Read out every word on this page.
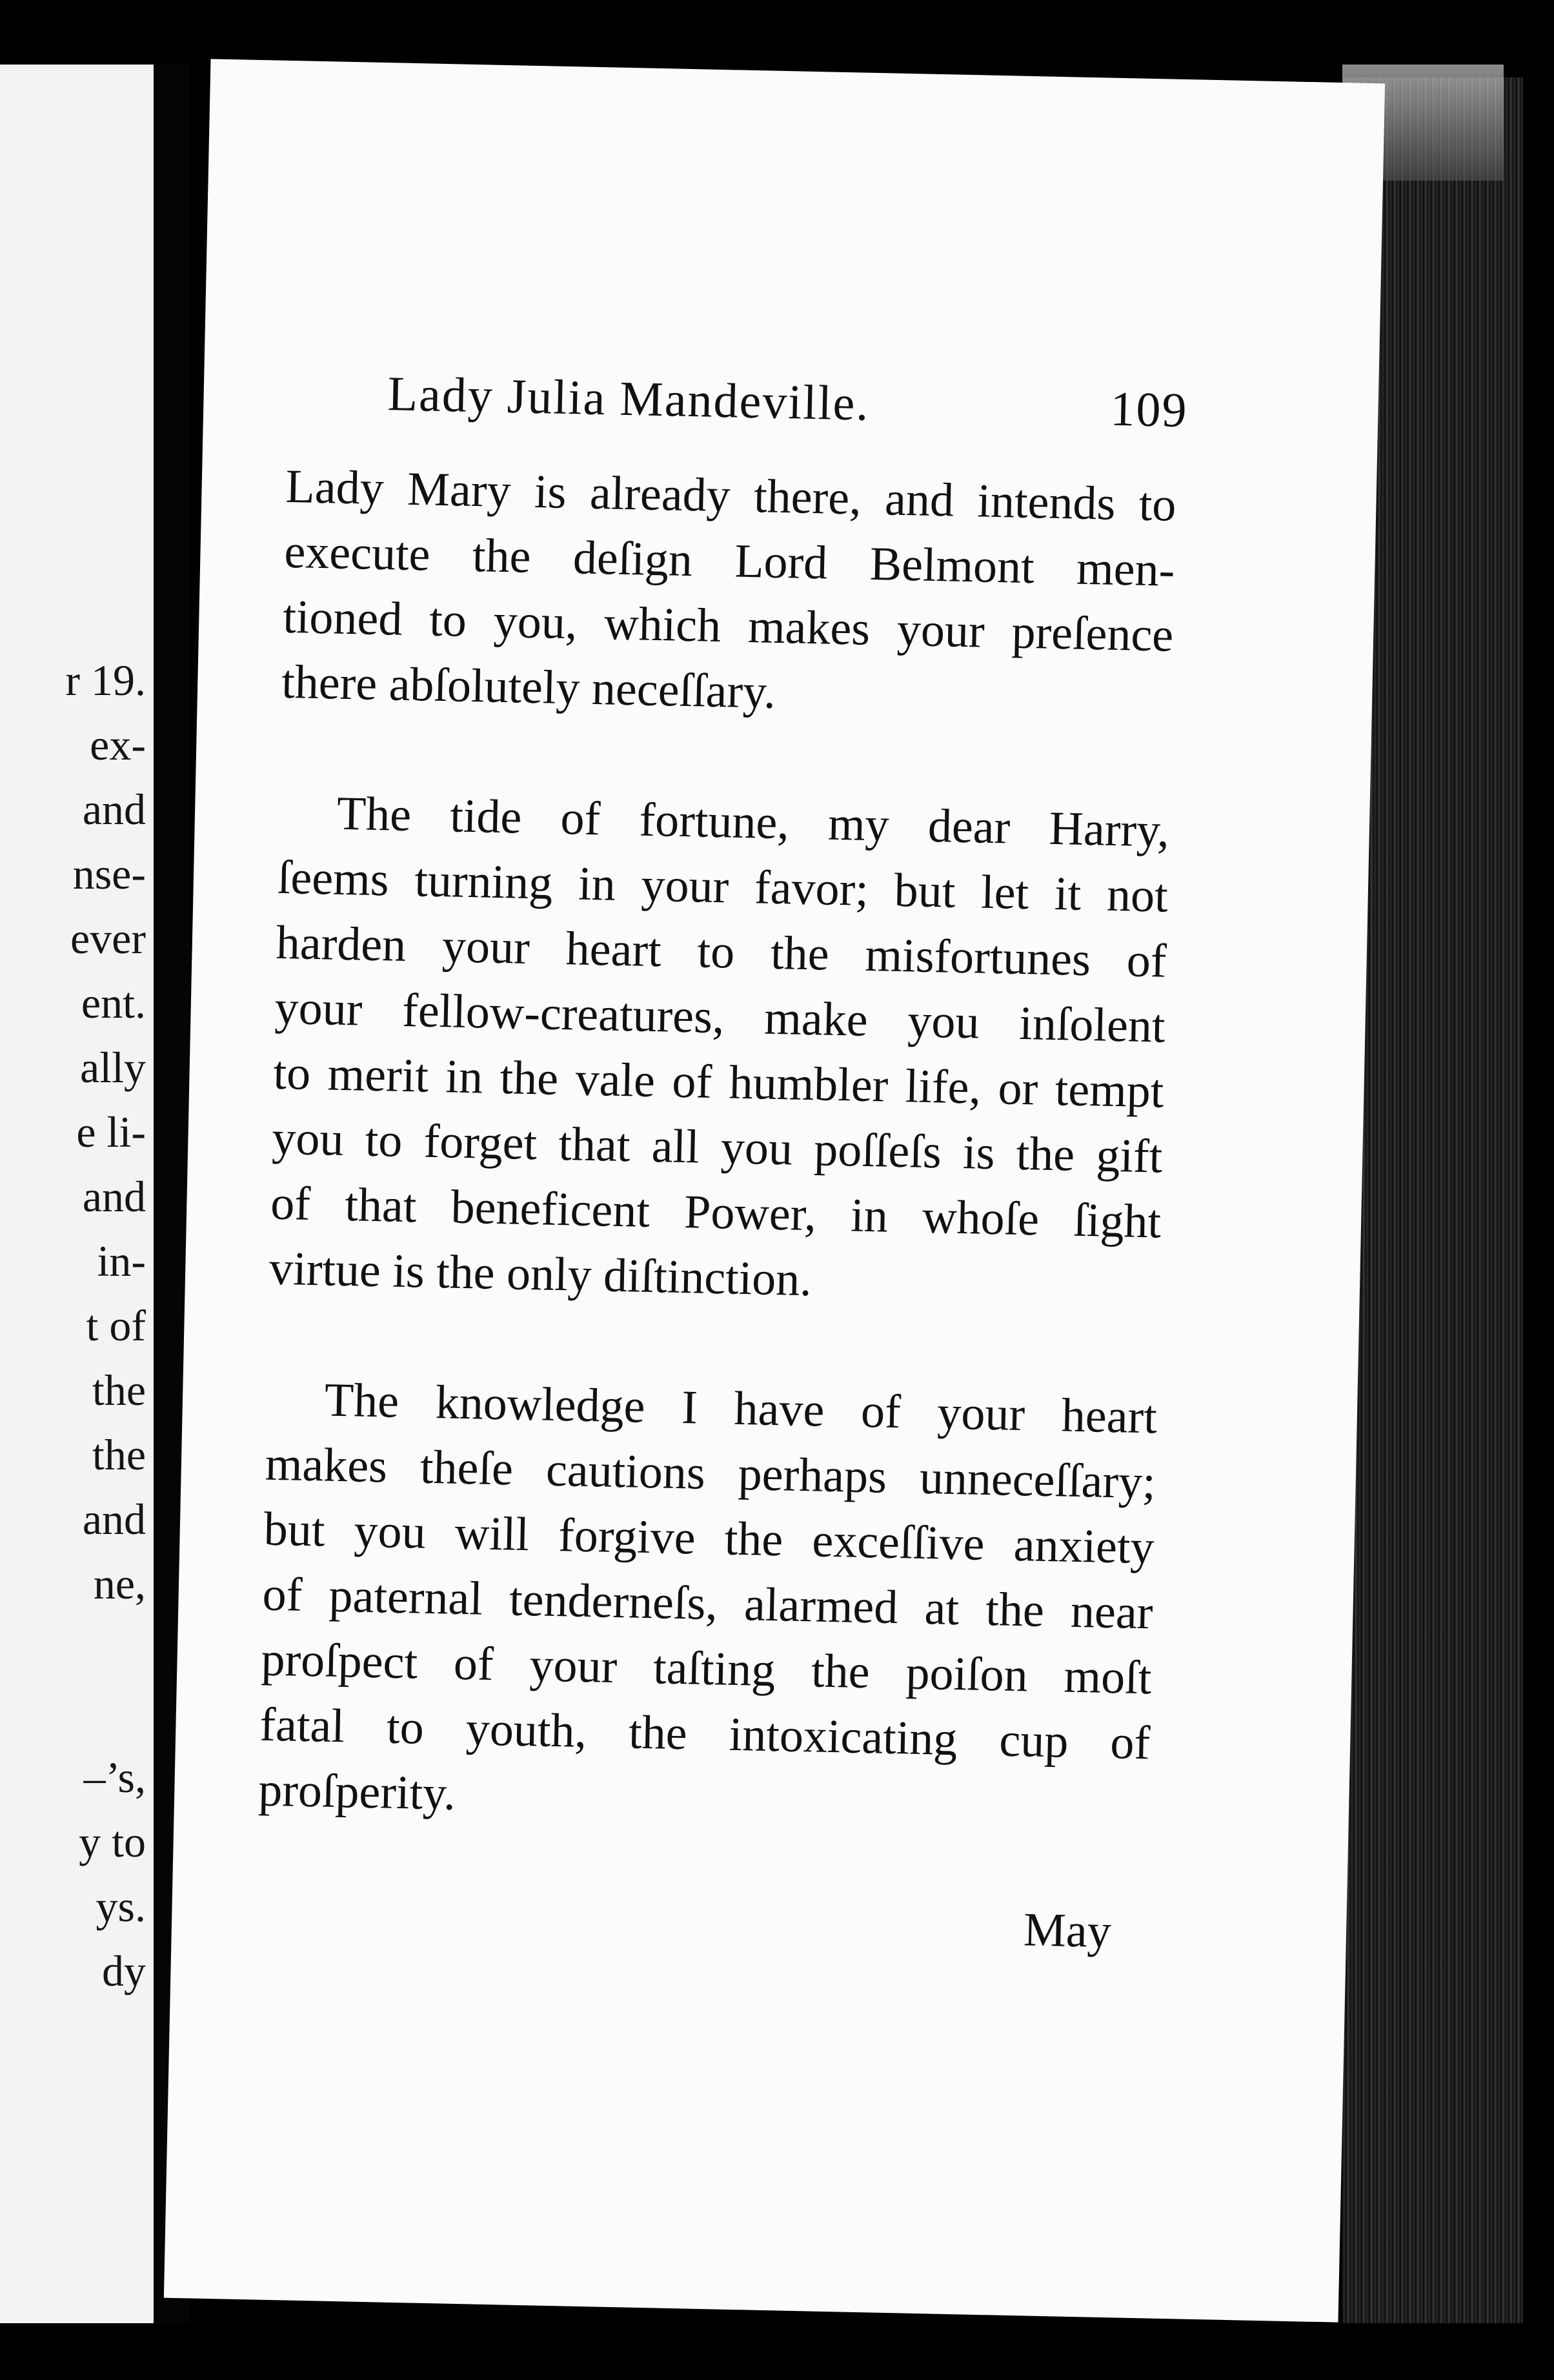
r 19.
ex-
and
nse-
ever
ent.
ally
e li-
and
in-
t of
the
the
and
ne,
–’s,
y to
ys.
dy
Lady Julia Mandeville.	109
Lady Mary is already there, and intends to
execute the deſign Lord Belmont men-
tioned to you, which makes your preſence
there abſolutely neceſſary.
The tide of fortune, my dear Harry,
ſeems turning in your favor; but let it not
harden your heart to the misfortunes of
your fellow-creatures, make you inſolent
to merit in the vale of humbler life, or tempt
you to forget that all you poſſeſs is the gift
of that beneficent Power, in whoſe ſight
virtue is the only diſtinction.
The knowledge I have of your heart
makes theſe cautions perhaps unneceſſary;
but you will forgive the exceſſive anxiety
of paternal tenderneſs, alarmed at the near
proſpect of your taſting the poiſon moſt
fatal to youth, the intoxicating cup of
proſperity.
May
